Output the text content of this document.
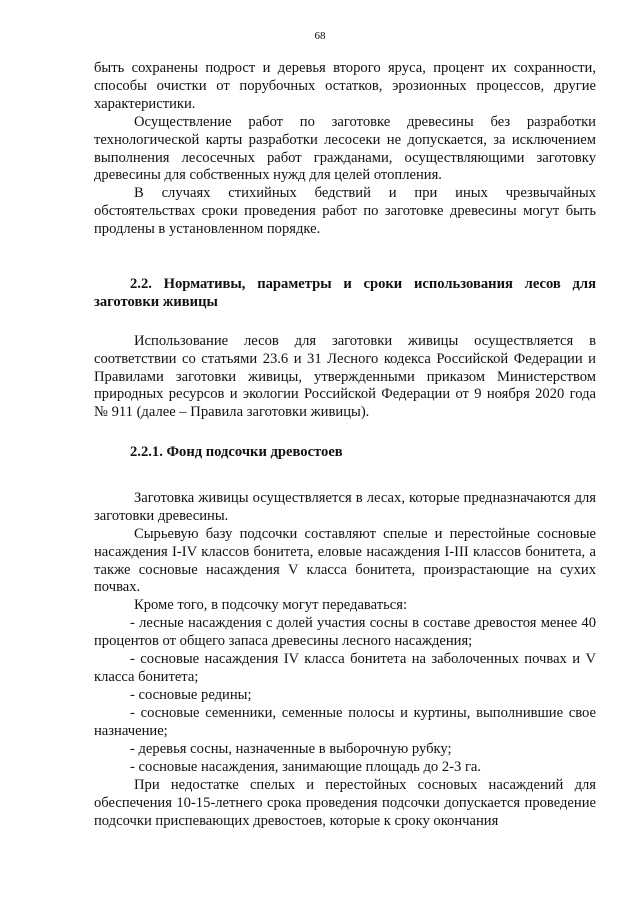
68

быть сохранены подрост и деревья второго яруса, процент их сохранности, способы очистки от порубочных остатков, эрозионных процессов, другие характеристики.

Осуществление работ по заготовке древесины без разработки технологической карты разработки лесосеки не допускается, за исключением выполнения лесосечных работ гражданами, осуществляющими заготовку древесины для собственных нужд для целей отопления.

В случаях стихийных бедствий и при иных чрезвычайных обстоятельствах сроки проведения работ по заготовке древесины могут быть продлены в установленном порядке.

2.2. Нормативы, параметры и сроки использования лесов для заготовки живицы

Использование лесов для заготовки живицы осуществляется в соответствии со статьями 23.6 и 31 Лесного кодекса Российской Федерации и Правилами заготовки живицы, утвержденными приказом Министерством природных ресурсов и экологии Российской Федерации от 9 ноября 2020 года № 911 (далее – Правила заготовки живицы).

2.2.1. Фонд подсочки древостоев

Заготовка живицы осуществляется в лесах, которые предназначаются для заготовки древесины.

Сырьевую базу подсочки составляют спелые и перестойные сосновые насаждения I-IV классов бонитета, еловые насаждения I-III классов бонитета, а также сосновые насаждения V класса бонитета, произрастающие на сухих почвах.

Кроме того, в подсочку могут передаваться:

- лесные насаждения с долей участия сосны в составе древостоя менее 40 процентов от общего запаса древесины лесного насаждения;

- сосновые насаждения IV класса бонитета на заболоченных почвах и V класса бонитета;

- сосновые редины;

- сосновые семенники, семенные полосы и куртины, выполнившие свое назначение;

- деревья сосны, назначенные в выборочную рубку;

- сосновые насаждения, занимающие площадь до 2-3 га.

При недостатке спелых и перестойных сосновых насаждений для обеспечения 10-15-летнего срока проведения подсочки допускается проведение подсочки приспевающих древостоев, которые к сроку окончания
